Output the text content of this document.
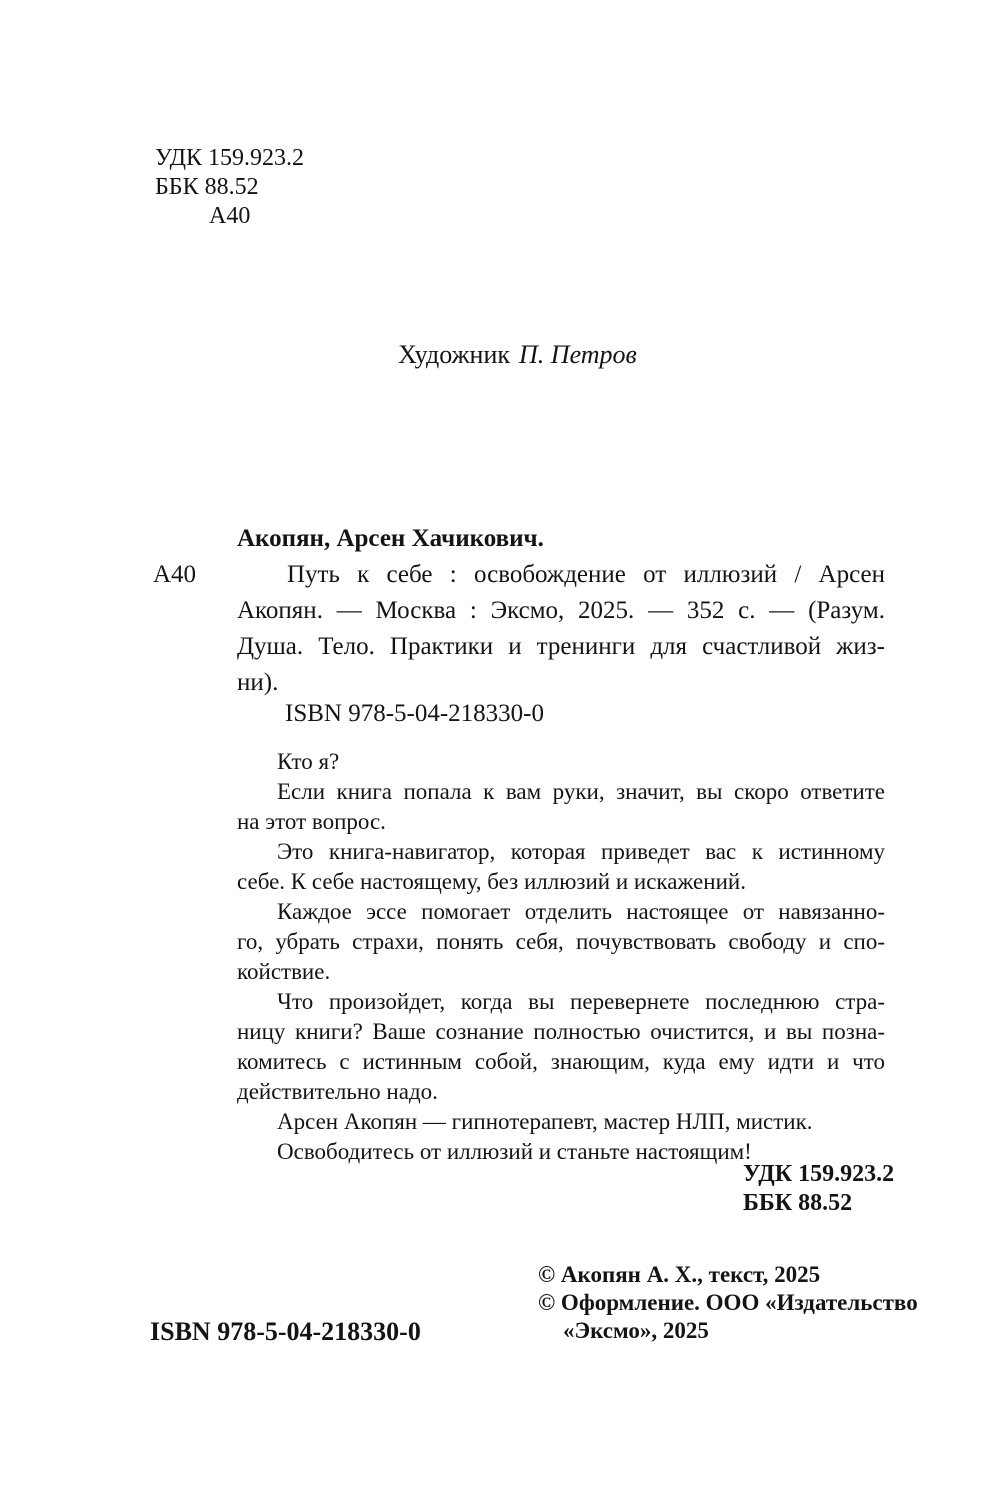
УДК 159.923.2
ББК 88.52
А40
Художник П. Петров
А40
Акопян, Арсен Хачикович.
Путь к себе : освобождение от иллюзий / Арсен
Акопян. — Москва : Эксмо, 2025. — 352 с. — (Разум.
Душа. Тело. Практики и тренинги для счастливой жиз-
ни).
ISBN 978-5-04-218330-0
Кто я?
Если книга попала к вам руки, значит, вы скоро ответите
на этот вопрос.
Это книга-навигатор, которая приведет вас к истинному
себе. К себе настоящему, без иллюзий и искажений.
Каждое эссе помогает отделить настоящее от навязанно-
го, убрать страхи, понять себя, почувствовать свободу и спо-
койствие.
Что произойдет, когда вы перевернете последнюю стра-
ницу книги? Ваше сознание полностью очистится, и вы позна-
комитесь с истинным собой, знающим, куда ему идти и что
действительно надо.
Арсен Акопян — гипнотерапевт, мастер НЛП, мистик.
Освободитесь от иллюзий и станьте настоящим!
УДК 159.923.2
ББК 88.52
© Акопян А. Х., текст, 2025
© Оформление. ООО «Издательство
«Эксмо», 2025
ISBN 978-5-04-218330-0
